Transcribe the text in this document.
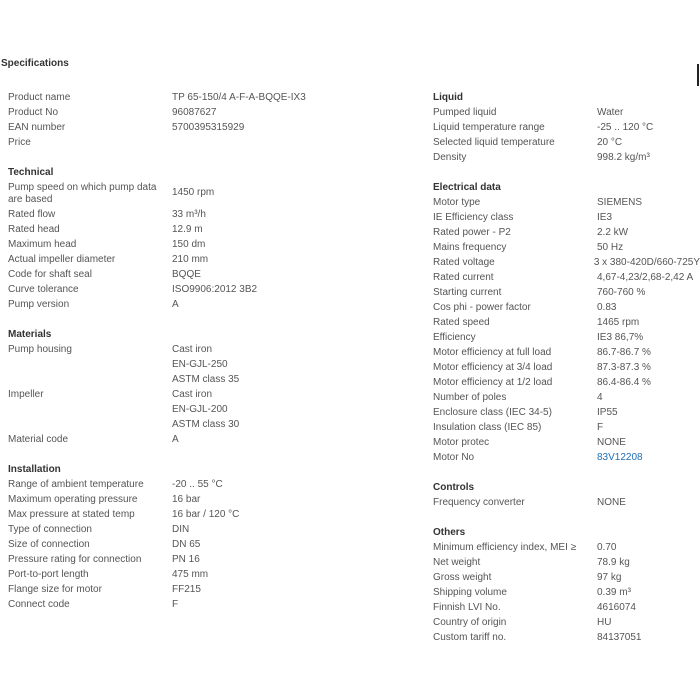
Specifications
Product name	TP 65-150/4 A-F-A-BQQE-IX3
Product No	96087627
EAN number	5700395315929
Price
Technical
Pump speed on which pump data are based
1450 rpm
Rated flow	33 m³/h
Rated head	12.9 m
Maximum head	150 dm
Actual impeller diameter	210 mm
Code for shaft seal	BQQE
Curve tolerance	ISO9906:2012 3B2
Pump version	A
Materials
Pump housing	Cast iron
EN-GJL-250
ASTM class 35
Impeller	Cast iron
EN-GJL-200
ASTM class 30
Material code	A
Installation
Range of ambient temperature	-20 .. 55 °C
Maximum operating pressure	16 bar
Max pressure at stated temp	16 bar / 120 °C
Type of connection	DIN
Size of connection	DN 65
Pressure rating for connection	PN 16
Port-to-port length	475 mm
Flange size for motor	FF215
Connect code	F
Liquid
Pumped liquid	Water
Liquid temperature range	-25 .. 120 °C
Selected liquid temperature	20 °C
Density	998.2 kg/m³
Electrical data
Motor type	SIEMENS
IE Efficiency class	IE3
Rated power - P2	2.2 kW
Mains frequency	50 Hz
Rated voltage	3 x 380-420D/660-725Y
Rated current	4,67-4,23/2,68-2,42 A
Starting current	760-760 %
Cos phi - power factor	0.83
Rated speed	1465 rpm
Efficiency	IE3 86,7%
Motor efficiency at full load	86.7-86.7 %
Motor efficiency at 3/4 load	87.3-87.3 %
Motor efficiency at 1/2 load	86.4-86.4 %
Number of poles	4
Enclosure class (IEC 34-5)	IP55
Insulation class (IEC 85)	F
Motor protec	NONE
Motor No	83V12208
Controls
Frequency converter	NONE
Others
Minimum efficiency index, MEI ≥	0.70
Net weight	78.9 kg
Gross weight	97 kg
Shipping volume	0.39 m³
Finnish LVI No.	4616074
Country of origin	HU
Custom tariff no.	84137051
